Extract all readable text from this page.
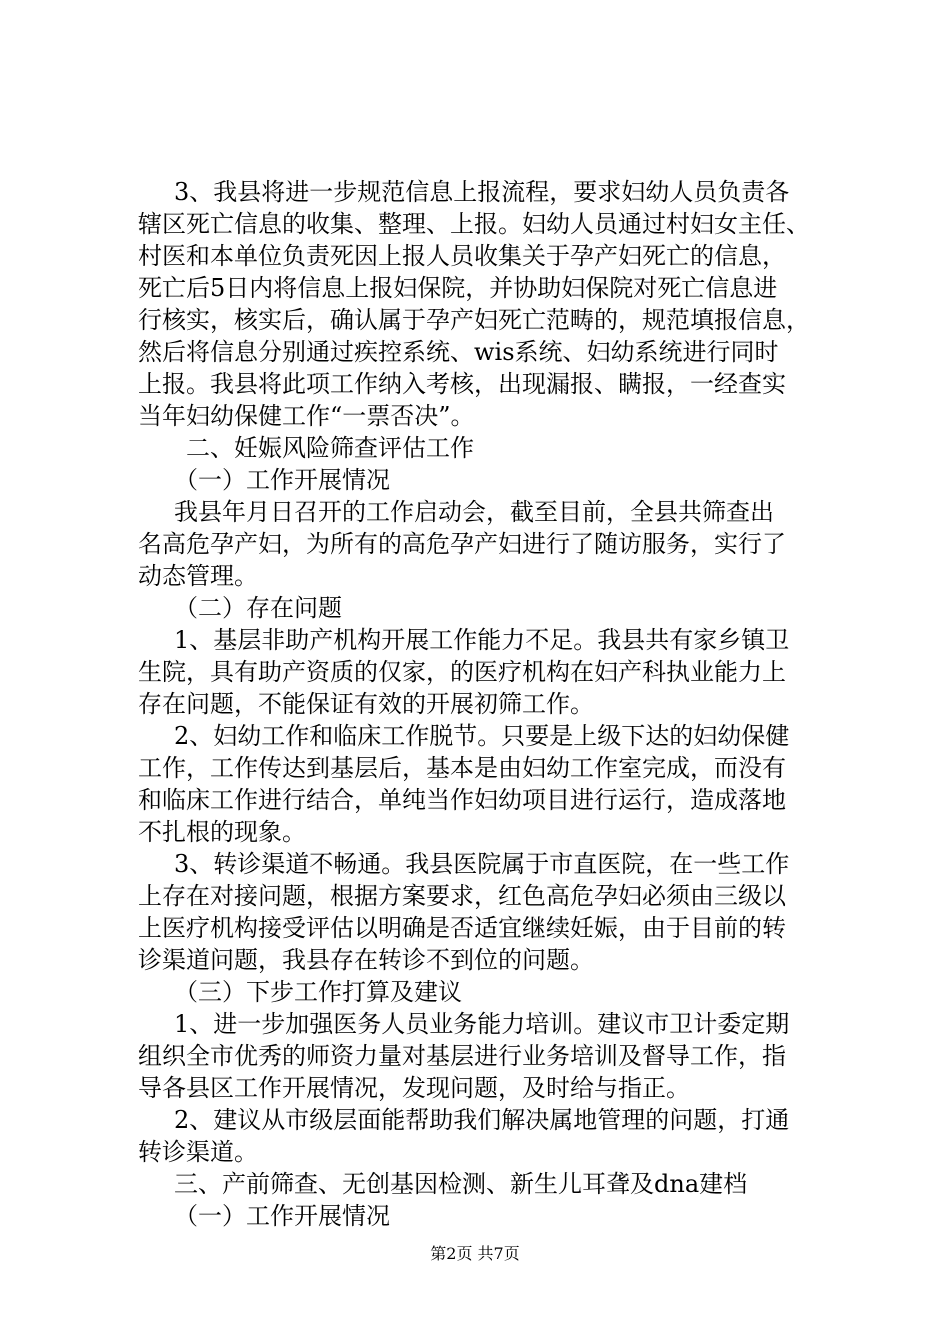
3、我县将进一步规范信息上报流程，要求妇幼人员负责各
辖区死亡信息的收集、整理、上报。妇幼人员通过村妇女主任、
村医和本单位负责死因上报人员收集关于孕产妇死亡的信息，
死亡后5日内将信息上报妇保院，并协助妇保院对死亡信息进
行核实，核实后，确认属于孕产妇死亡范畴的，规范填报信息，
然后将信息分别通过疾控系统、wis系统、妇幼系统进行同时
上报。我县将此项工作纳入考核，出现漏报、瞒报，一经查实
当年妇幼保健工作“一票否决”。
二、妊娠风险筛查评估工作
（一）工作开展情况
我县年月日召开的工作启动会，截至目前，全县共筛查出
名高危孕产妇，为所有的高危孕产妇进行了随访服务，实行了
动态管理。
（二）存在问题
1、基层非助产机构开展工作能力不足。我县共有家乡镇卫
生院，具有助产资质的仅家，的医疗机构在妇产科执业能力上
存在问题，不能保证有效的开展初筛工作。
2、妇幼工作和临床工作脱节。只要是上级下达的妇幼保健
工作，工作传达到基层后，基本是由妇幼工作室完成，而没有
和临床工作进行结合，单纯当作妇幼项目进行运行，造成落地
不扎根的现象。
3、转诊渠道不畅通。我县医院属于市直医院，在一些工作
上存在对接问题，根据方案要求，红色高危孕妇必须由三级以
上医疗机构接受评估以明确是否适宜继续妊娠，由于目前的转
诊渠道问题，我县存在转诊不到位的问题。
（三）下步工作打算及建议
1、进一步加强医务人员业务能力培训。建议市卫计委定期
组织全市优秀的师资力量对基层进行业务培训及督导工作，指
导各县区工作开展情况，发现问题，及时给与指正。
2、建议从市级层面能帮助我们解决属地管理的问题，打通
转诊渠道。
三、产前筛查、无创基因检测、新生儿耳聋及dna建档
（一）工作开展情况
第2页 共7页
